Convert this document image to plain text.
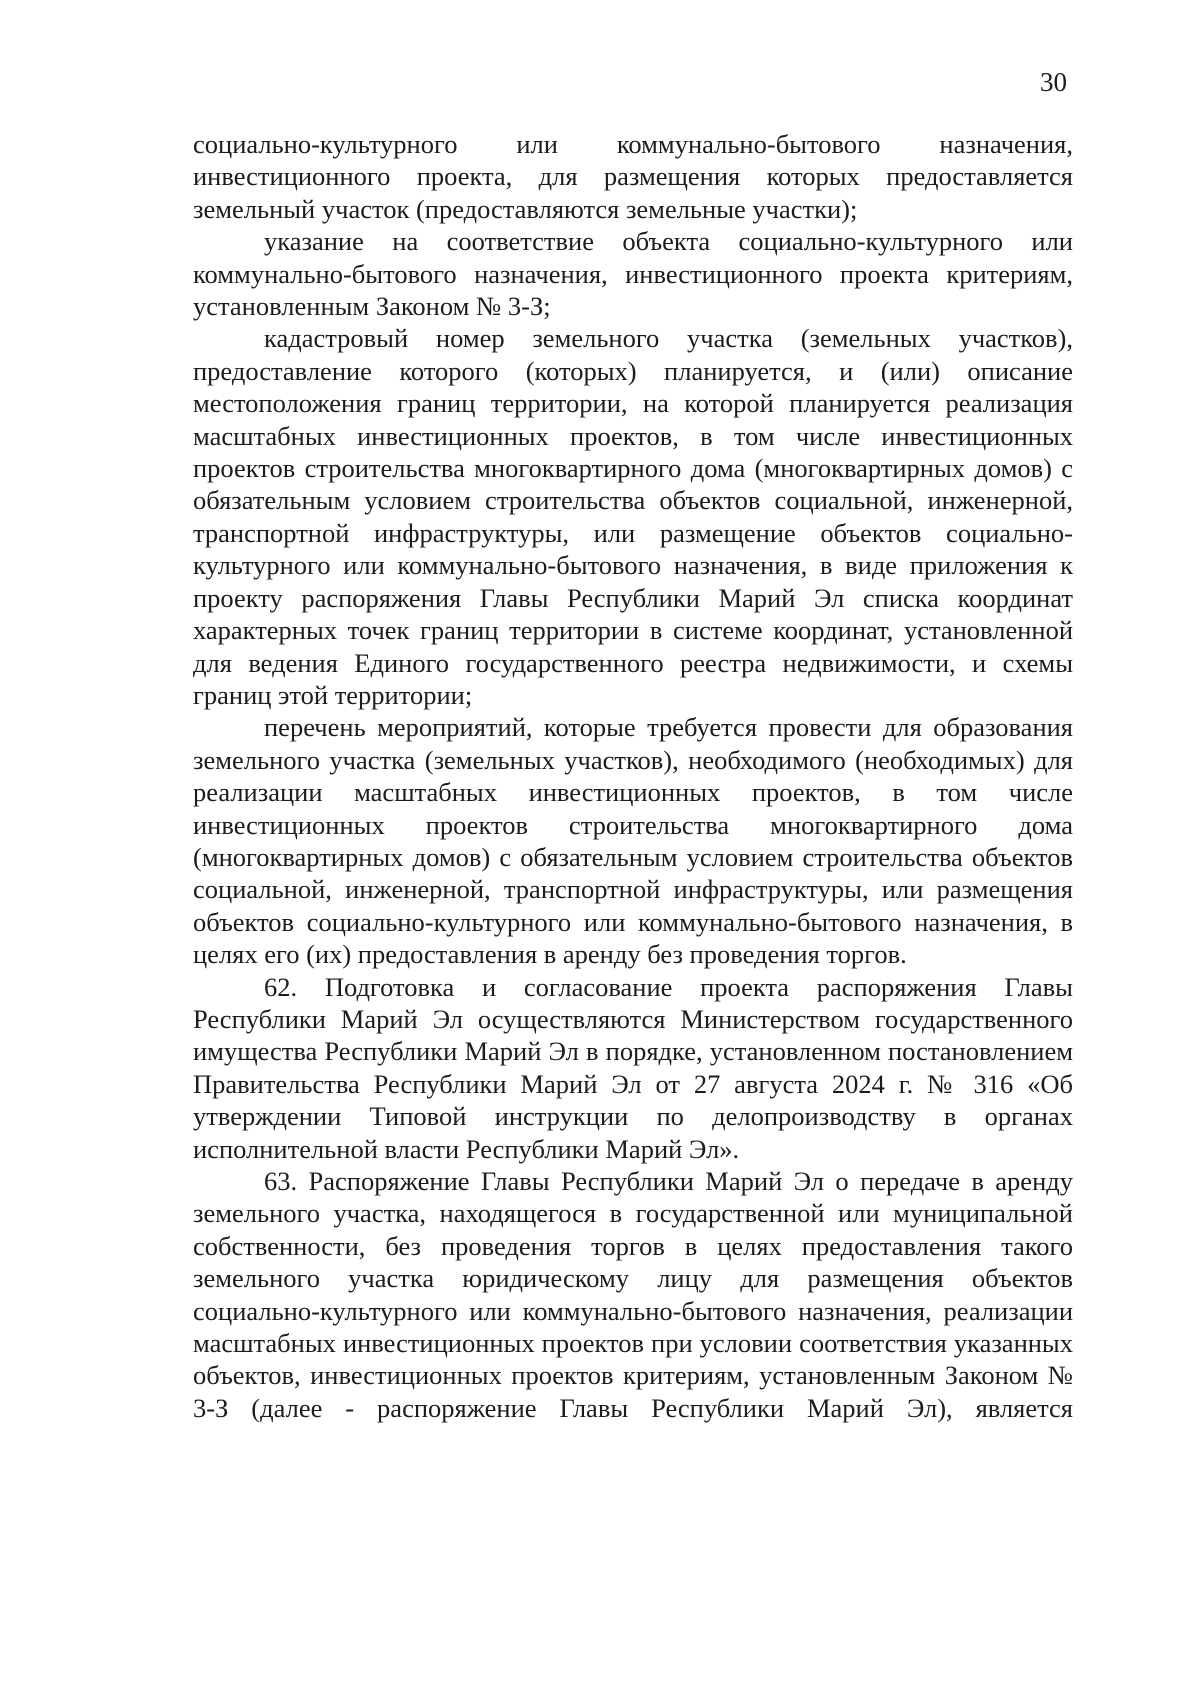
30

социально-культурного или коммунально-бытового назначения, инвестиционного проекта, для размещения которых предоставляется земельный участок (предоставляются земельные участки);

указание на соответствие объекта социально-культурного или коммунально-бытового назначения, инвестиционного проекта критериям, установленным Законом № 3-З;

кадастровый номер земельного участка (земельных участков), предоставление которого (которых) планируется, и (или) описание местоположения границ территории, на которой планируется реализация масштабных инвестиционных проектов, в том числе инвестиционных проектов строительства многоквартирного дома (многоквартирных домов) с обязательным условием строительства объектов социальной, инженерной, транспортной инфраструктуры, или размещение объектов социально-культурного или коммунально-бытового назначения, в виде приложения к проекту распоряжения Главы Республики Марий Эл списка координат характерных точек границ территории в системе координат, установленной для ведения Единого государственного реестра недвижимости, и схемы границ этой территории;

перечень мероприятий, которые требуется провести для образования земельного участка (земельных участков), необходимого (необходимых) для реализации масштабных инвестиционных проектов, в том числе инвестиционных проектов строительства многоквартирного дома (многоквартирных домов) с обязательным условием строительства объектов социальной, инженерной, транспортной инфраструктуры, или размещения объектов социально-культурного или коммунально-бытового назначения, в целях его (их) предоставления в аренду без проведения торгов.

62. Подготовка и согласование проекта распоряжения Главы Республики Марий Эл осуществляются Министерством государственного имущества Республики Марий Эл в порядке, установленном постановлением Правительства Республики Марий Эл от 27 августа 2024 г. № 316 «Об утверждении Типовой инструкции по делопроизводству в органах исполнительной власти Республики Марий Эл».

63. Распоряжение Главы Республики Марий Эл о передаче в аренду земельного участка, находящегося в государственной или муниципальной собственности, без проведения торгов в целях предоставления такого земельного участка юридическому лицу для размещения объектов социально-культурного или коммунально-бытового назначения, реализации масштабных инвестиционных проектов при условии соответствия указанных объектов, инвестиционных проектов критериям, установленным Законом № 3-З (далее - распоряжение Главы Республики Марий Эл), является
